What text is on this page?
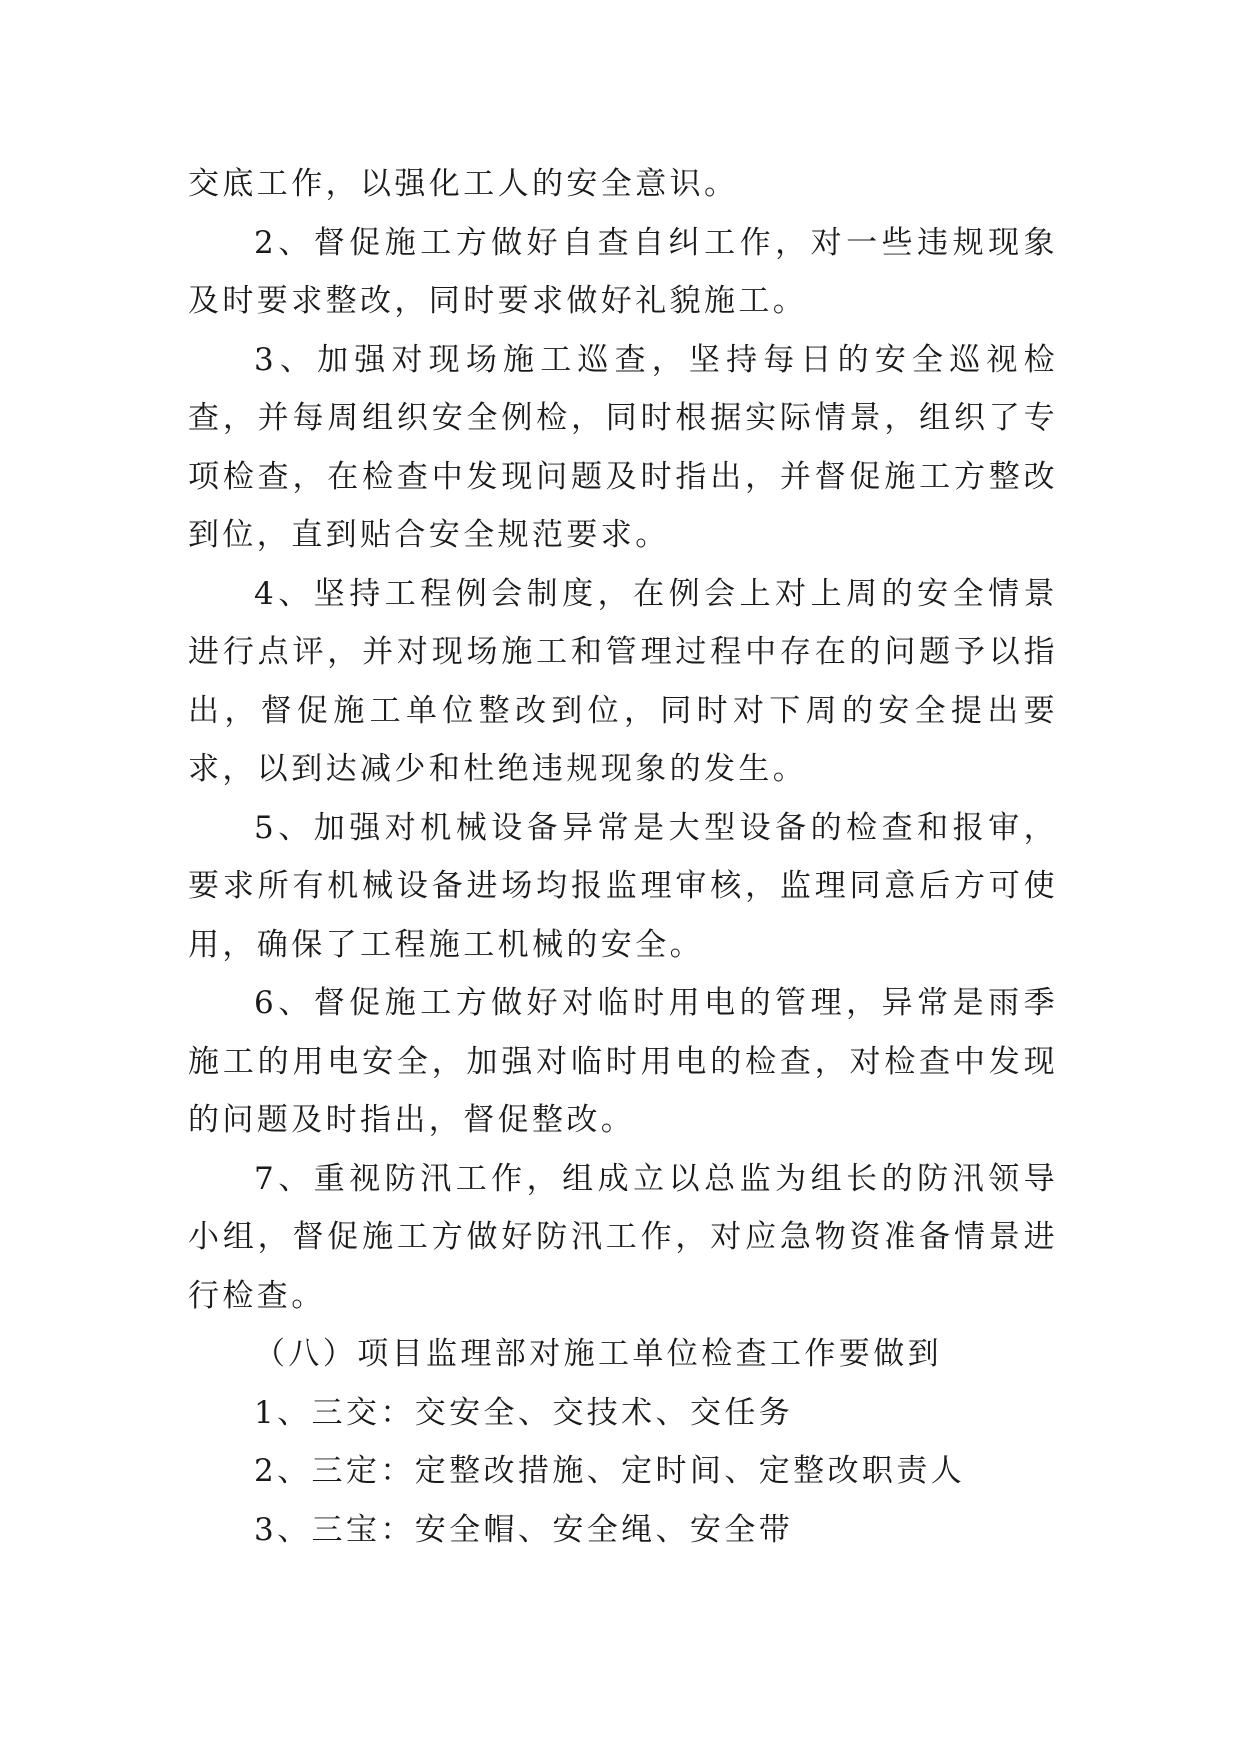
交底工作，以强化工人的安全意识。

2、督促施工方做好自查自纠工作，对一些违规现象及时要求整改，同时要求做好礼貌施工。

3、加强对现场施工巡查，坚持每日的安全巡视检查，并每周组织安全例检，同时根据实际情景，组织了专项检查，在检查中发现问题及时指出，并督促施工方整改到位，直到贴合安全规范要求。

4、坚持工程例会制度，在例会上对上周的安全情景进行点评，并对现场施工和管理过程中存在的问题予以指出，督促施工单位整改到位，同时对下周的安全提出要求，以到达减少和杜绝违规现象的发生。

5、加强对机械设备异常是大型设备的检查和报审，要求所有机械设备进场均报监理审核，监理同意后方可使用，确保了工程施工机械的安全。

6、督促施工方做好对临时用电的管理，异常是雨季施工的用电安全，加强对临时用电的检查，对检查中发现的问题及时指出，督促整改。

7、重视防汛工作，组成立以总监为组长的防汛领导小组，督促施工方做好防汛工作，对应急物资准备情景进行检查。

（八）项目监理部对施工单位检查工作要做到

1、三交：交安全、交技术、交任务

2、三定：定整改措施、定时间、定整改职责人

3、三宝：安全帽、安全绳、安全带
